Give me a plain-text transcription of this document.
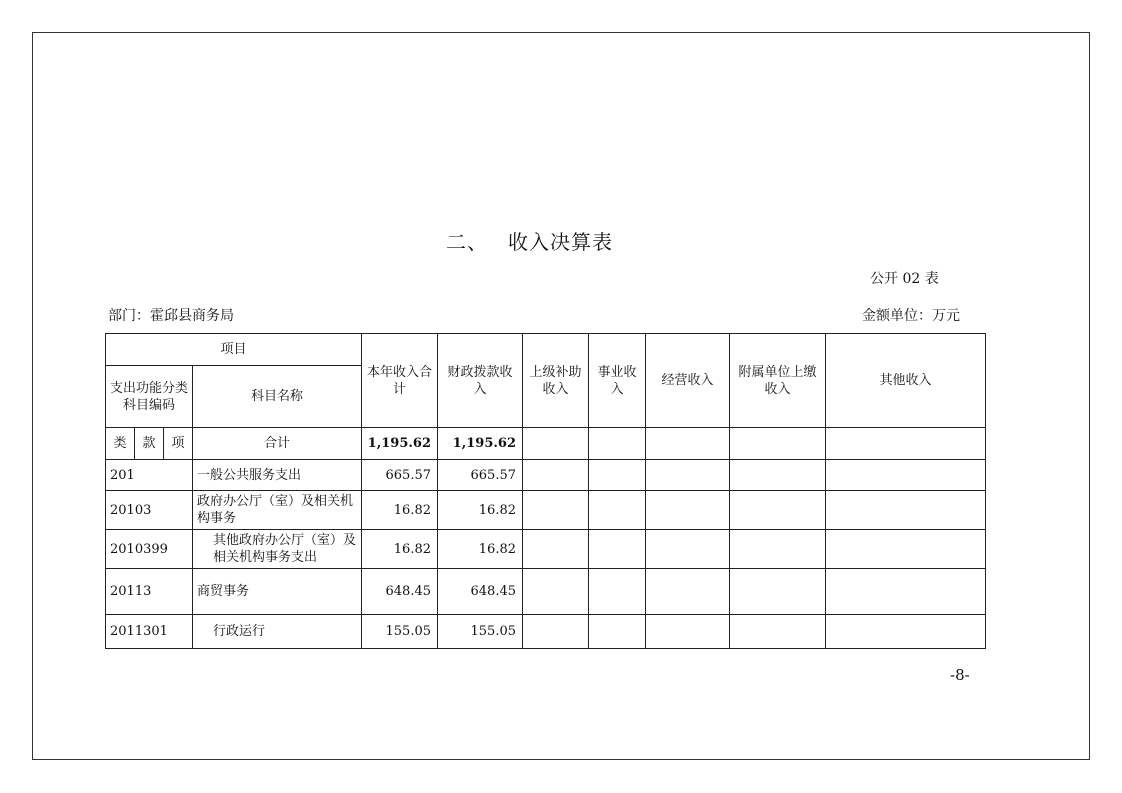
二、 收入决算表
公开 02 表
部门：霍邱县商务局	金额单位：万元
项目				本年收入合计	财政拨款收入	上级补助收入	事业收入	经营收入	附属单位上缴收入	其他收入
支出功能分类科目编码			科目名称							
类	款	项	合计	1,195.62	1,195.62					
201			一般公共服务支出	665.57	665.57					
20103			政府办公厅（室）及相关机构事务	16.82	16.82					
2010399			其他政府办公厅（室）及相关机构事务支出	16.82	16.82					
20113			商贸事务	648.45	648.45					
2011301			行政运行	155.05	155.05					
-8-
